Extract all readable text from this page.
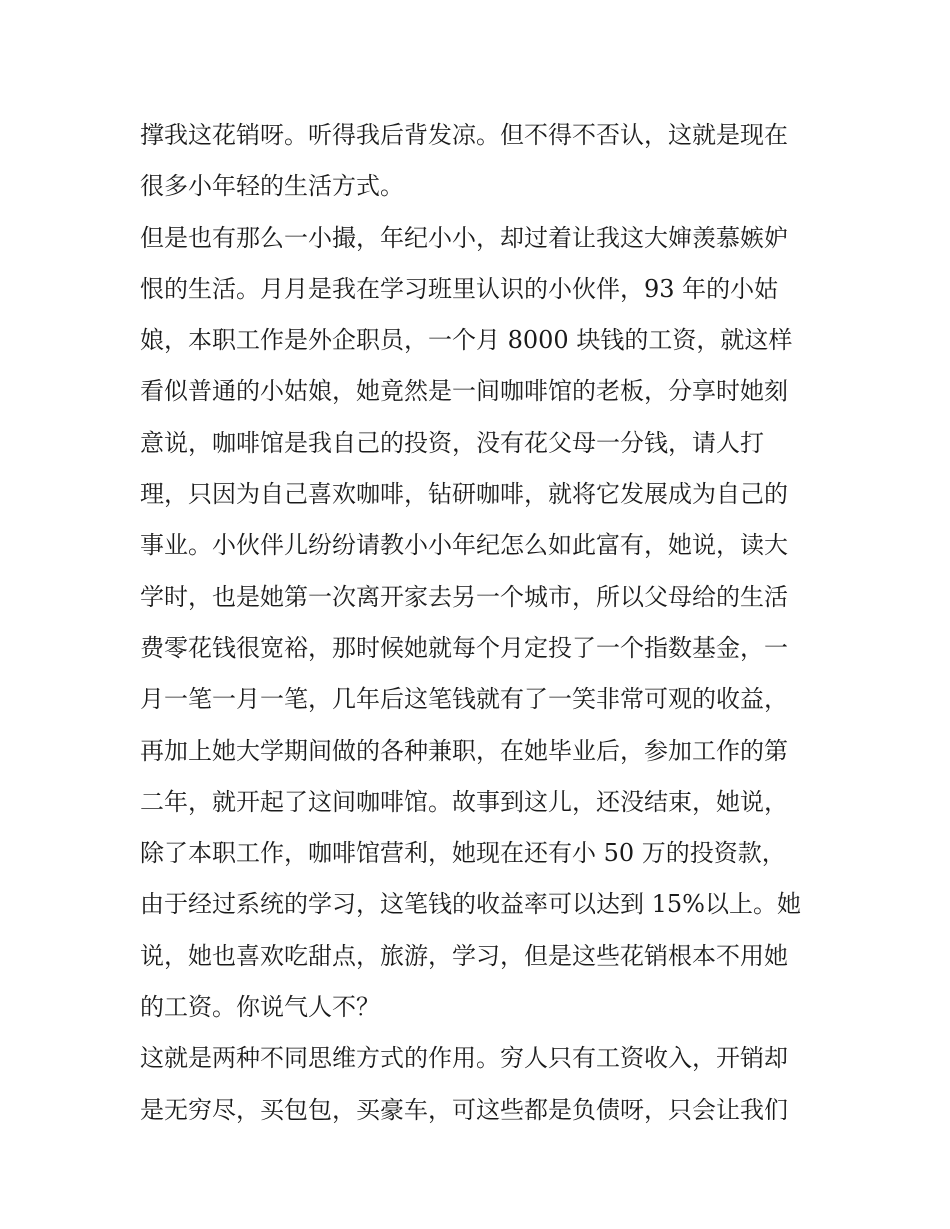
撑我这花销呀。听得我后背发凉。但不得不否认，这就是现在
很多小年轻的生活方式。
但是也有那么一小撮，年纪小小，却过着让我这大婶羡慕嫉妒
恨的生活。月月是我在学习班里认识的小伙伴，93 年的小姑
娘，本职工作是外企职员，一个月 8000 块钱的工资，就这样
看似普通的小姑娘，她竟然是一间咖啡馆的老板，分享时她刻
意说，咖啡馆是我自己的投资，没有花父母一分钱，请人打
理，只因为自己喜欢咖啡，钻研咖啡，就将它发展成为自己的
事业。小伙伴儿纷纷请教小小年纪怎么如此富有，她说，读大
学时，也是她第一次离开家去另一个城市，所以父母给的生活
费零花钱很宽裕，那时候她就每个月定投了一个指数基金，一
月一笔一月一笔，几年后这笔钱就有了一笑非常可观的收益，
再加上她大学期间做的各种兼职，在她毕业后，参加工作的第
二年，就开起了这间咖啡馆。故事到这儿，还没结束，她说，
除了本职工作，咖啡馆营利，她现在还有小 50 万的投资款，
由于经过系统的学习，这笔钱的收益率可以达到 15%以上。她
说，她也喜欢吃甜点，旅游，学习，但是这些花销根本不用她
的工资。你说气人不？
这就是两种不同思维方式的作用。穷人只有工资收入，开销却
是无穷尽，买包包，买豪车，可这些都是负债呀，只会让我们
